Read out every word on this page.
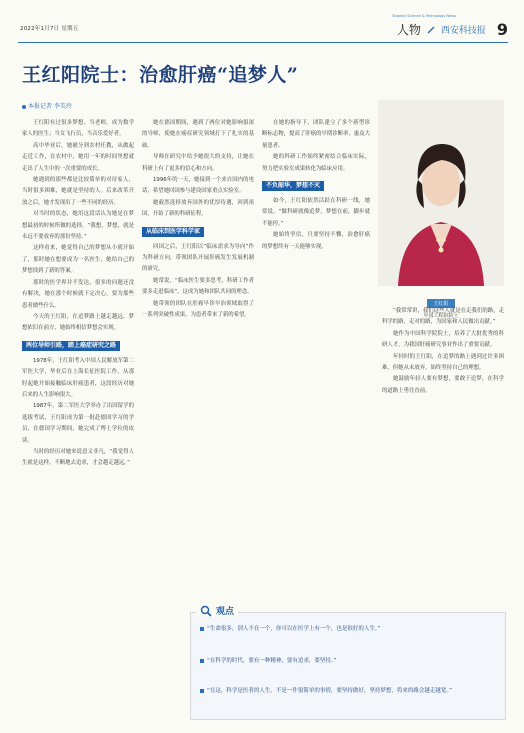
2022年1月7日 星期五
Shaanxi Science & Technology News
人物 西安科技报 9
王红阳院士：治愈肝癌“追梦人”
本报记者 李美玲

王红阳有过很多梦想，当老师，成为数学家人的医生；当女飞行员，当音乐爱好者。

高中毕业后，她被分到农村任教，从做起走近工作，在农村中，她用一年的时间里想就走出了人生中的一次重要的成长。

她遇到的那些都是比较简单的对待家人，当时很多困难，她就是坚持的人。后来改革开放之后，她才发现出了一些不同的经历。

对当时的状态，她用这段话认为她是在梦想最初的时候所做的选择，“我想，梦想，就是永远不要放弃的那份坚持。”

这样看来，她觉得自己的梦想从小就开始了，那时她在想要成为一名医生，她给自己的梦想找到了新的答案。

那时的医学界并不发达，很多的问题还没有解决，她在那个时候就下定决心，要为那些患者做些什么。

今天的王红阳，在追梦路上越走越远，梦想依旧在前方，她始终相信梦想会实现。

两位导师引路，踏上癌症研究之路

1978年，王红阳考入中国人民解放军第二军医大学，毕业后在上海长征医院工作，从那时起她开始接触临床肝癌患者，这段经历对她后来的人生影响很大。

1987年，第二军医大学举办了出国留学的选拔考试，王红阳成为第一批赴德国学习的学员，在德国学习期间，她完成了博士学位的攻读。

当时的经历对她来说意义非凡，“我觉得人生就是这样，不断地去追求，才会越走越远。”

她在德国期间，遇到了两位对她影响很深的导师，使她在癌症研究领域打下了扎实的基础。

导师在研究中给予她很大的支持，让她在科研上有了更多的信心和方向。

1996年的一天，她接到一个来自国内的电话，希望她回国参与建设国家重点实验室。

她毅然选择放弃国外的优厚待遇，回到祖国，开始了新的科研征程。

从临床到医学科学家

回国之后，王红阳以“临床需求为导向”作为科研方向，带领团队开展肝癌发生发展机制的研究。

她常说，“临床医生要多思考，科研工作者要多走进临床”，这成为她和团队共同的理念。

她带领的团队在肝癌早诊早治领域取得了一系列突破性成果，为患者带来了新的希望。

在她的指导下，团队建立了多个新型诊断标志物，提高了肝癌的早期诊断率，惠及大量患者。

她的科研工作始终紧密结合临床实际，努力把实验室成果转化为临床应用。

不负韶华，梦想不灭

如今，王红阳依然活跃在科研一线，她常说，“做科研就像追梦，梦想在前，脚步就不能停。”

她始终坚信，只要坚持不懈，治愈肝癌的梦想终有一天能够实现。

王红阳
中国工程院院士

“我常常讲，我们这些人就是在走我们的路，走科学的路，走对的路，为国家和人民做出贡献。”

她作为中国科学院院士，培养了大批优秀的科研人才，为我国肝癌研究事业作出了重要贡献。

年轻时的王红阳，在追梦的路上遇到过许多困难，但她从未放弃，始终坚持自己的理想。

她鼓励年轻人要有梦想，要敢于追梦，在科学的道路上勇往直前。

观点
“生命很多，别人不在一个，你可以在医学上有一个，也是很好的人生。”
“在科学的时代，要有一种精神，要有追求，要坚持。”
“在这，科学是医者的人生，不是一件很简单的事情，要坚持做好，坚持梦想，将来的路会越走越宽。”
